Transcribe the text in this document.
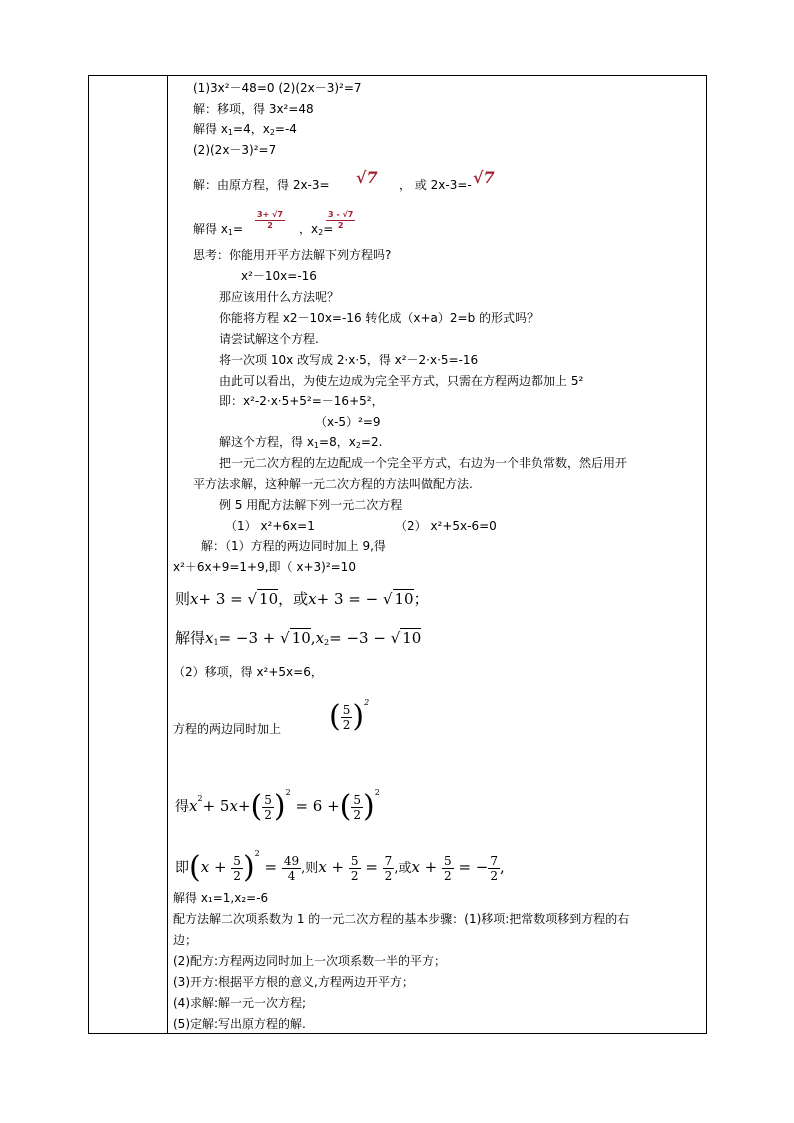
(1)3x²－48=0 (2)(2x－3)²=7
解：移项，得 3x²=48
解得 $x_1=4$，$x_2=-4$
(2)(2x－3)²=7
解：由原方程，得 2x-3= √7 ， 或 2x-3=- √7
解得 $x_1= \frac{3+ √7}{2}$ ，$x_2=$
$\frac{3 - √7}{2}$
思考：你能用开平方法解下列方程吗?
x²－10x=-16
那应该用什么方法呢？
你能将方程 x2－10x=-16 转化成（x+a）2=b 的形式吗？
请尝试解这个方程.
将一次项 10x 改写成 2·x·5，得 x²－2·x·5=-16
由此可以看出，为使左边成为完全平方式，只需在方程两边都加上 5²
即：x²-2·x·5+5²=－16+5²，
（x-5）²=9
解这个方程，得 $x_1=8$，$x_2=2$.
把一元二次方程的左边配成一个完全平方式，右边为一个非负常数，然后用开
平方法求解，这种解一元二次方程的方法叫做配方法.
例 5 用配方法解下列一元二次方程
（1） x²+6x=1	（2） x²+5x-6=0
解：（1）方程的两边同时加上 9,得
x²＋6x+9=1+9,即（ x+3)²=10
则x+ 3 = √ 10，或x+ 3 = − √ 10；
解得$x_1= -3$ + √ $10,x_2= -3$ − √ 10
（2）移项，得 x²+5x=6，
方程的两边同时加上 ( $\frac{5}{2} )^2$
得$x^2+ 5x+( \frac{5}{2} )^2 = 6$ +( $\frac{5}{2} )^2$
即$(x + \frac{5}{2} )^2 = \frac{49}{4}$ ,则$x + \frac{5}{2} = \frac{7}{2}$ ,或$x + \frac{5}{2}$ = − $\frac{7}{2}$ ,
解得 x₁=1,x₂=-6
配方法解二次项系数为 1 的一元二次方程的基本步骤：(1)移项:把常数项移到方程的右
边；
(2)配方:方程两边同时加上一次项系数一半的平方；
(3)开方:根据平方根的意义,方程两边开平方；
(4)求解:解一元一次方程;
(5)定解:写出原方程的解.
